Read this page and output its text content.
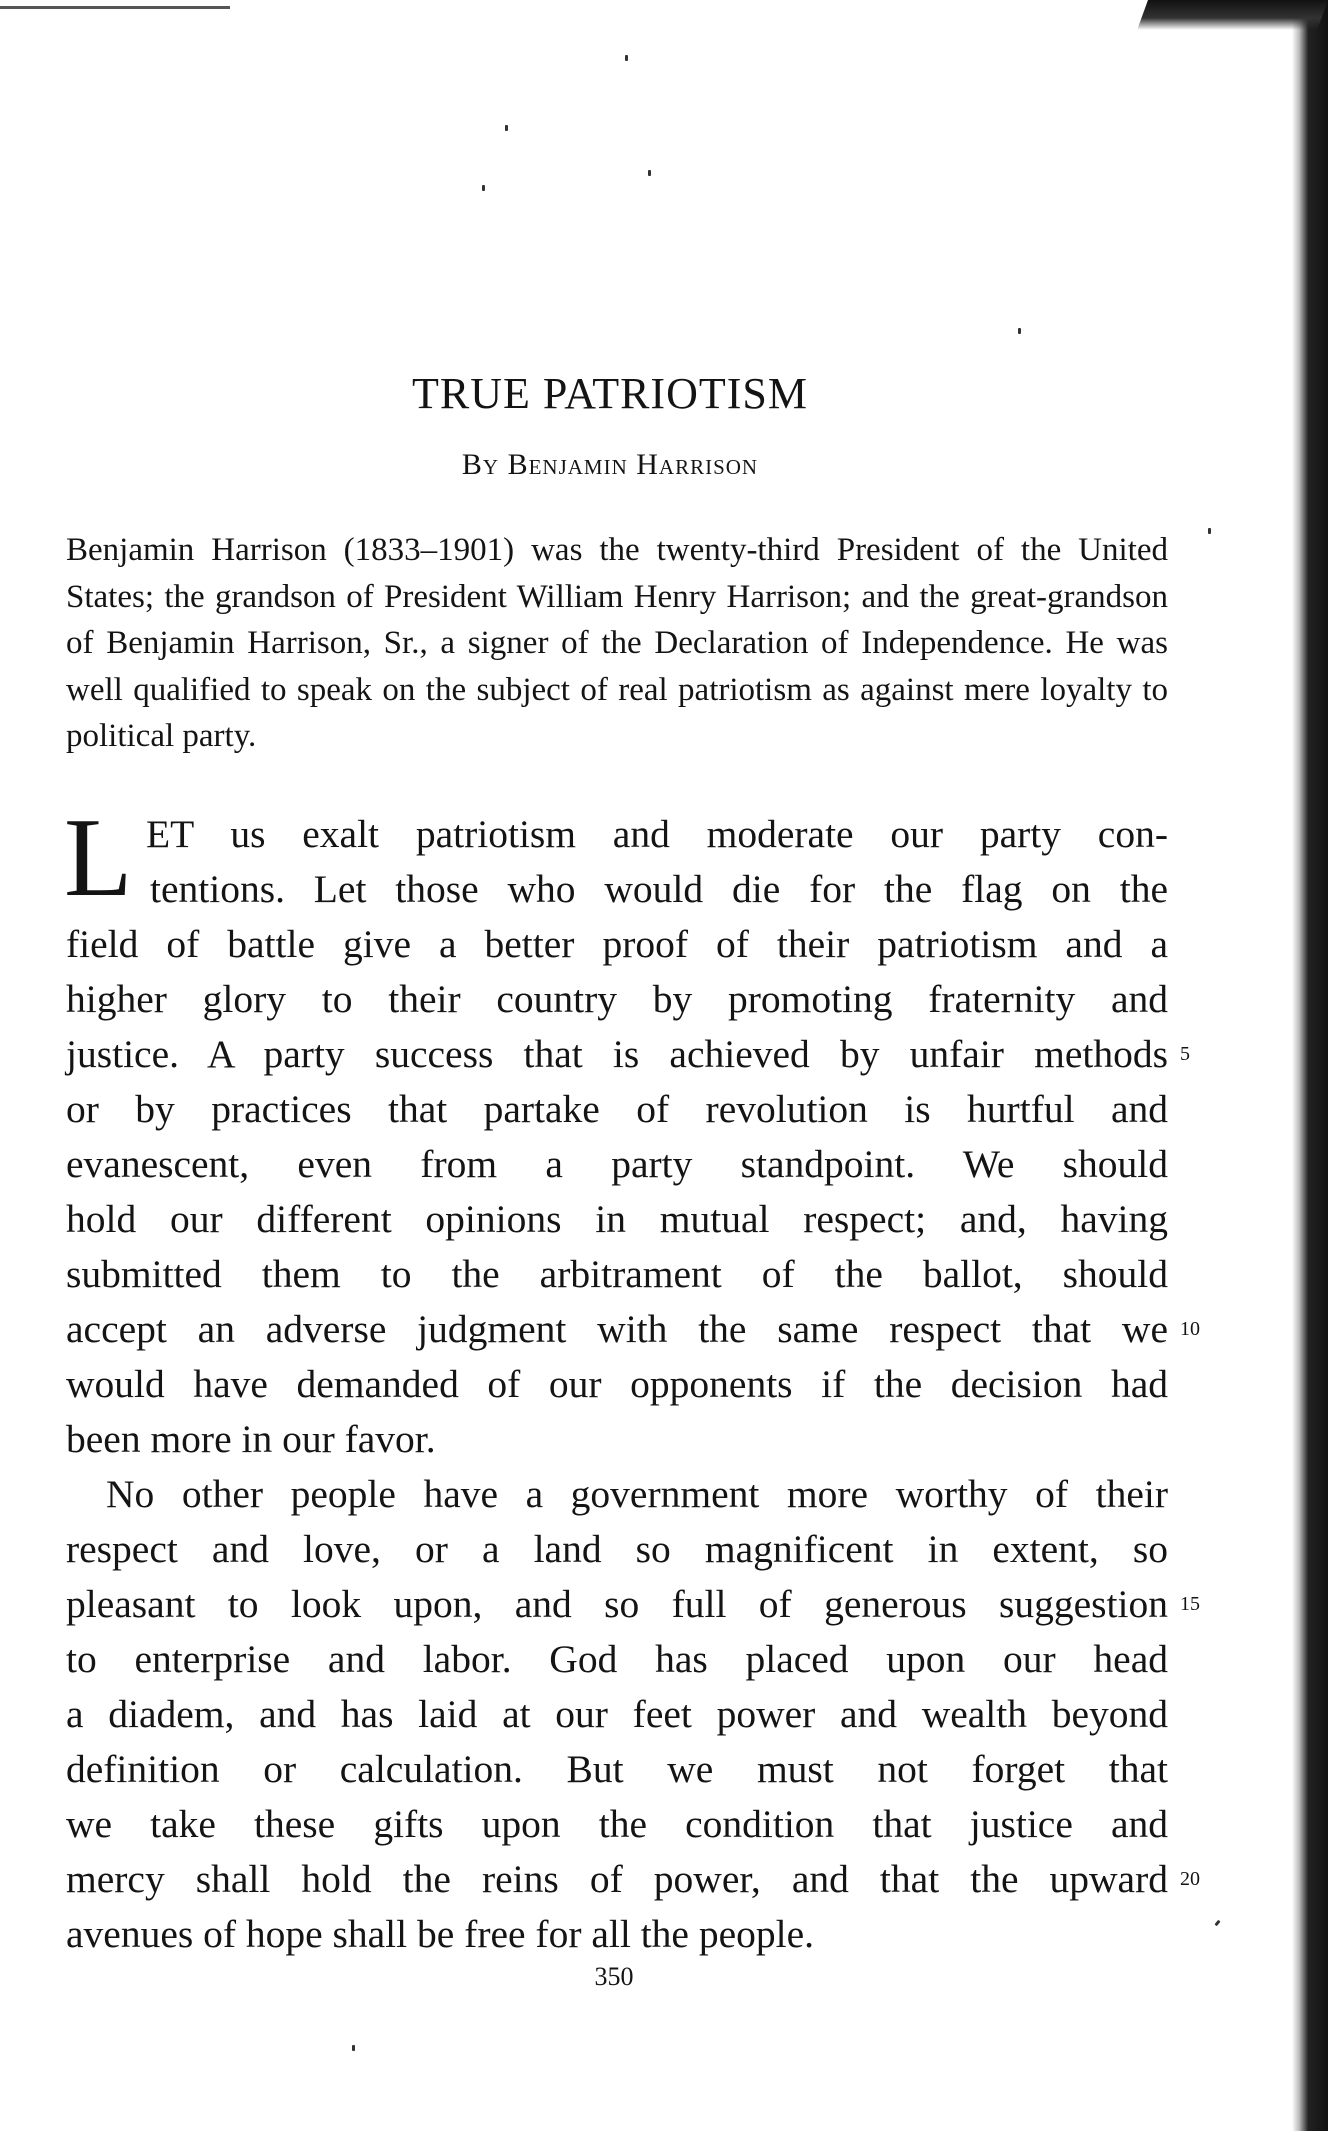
TRUE PATRIOTISM
By Benjamin Harrison

Benjamin Harrison (1833–1901) was the twenty-third President of the United States; the grandson of President William Henry Harrison; and the great-grandson of Benjamin Harrison, Sr., a signer of the Declaration of Independence. He was well qualified to speak on the subject of real patriotism as against mere loyalty to political party.

L ET us exalt patriotism and moderate our party con-
tentions. Let those who would die for the flag on the
field of battle give a better proof of their patriotism and a
higher glory to their country by promoting fraternity and
justice. A party success that is achieved by unfair methods
or by practices that partake of revolution is hurtful and
evanescent, even from a party standpoint. We should
hold our different opinions in mutual respect; and, having
submitted them to the arbitrament of the ballot, should
accept an adverse judgment with the same respect that we
would have demanded of our opponents if the decision had
been more in our favor.
No other people have a government more worthy of their
respect and love, or a land so magnificent in extent, so
pleasant to look upon, and so full of generous suggestion
to enterprise and labor. God has placed upon our head
a diadem, and has laid at our feet power and wealth beyond
definition or calculation. But we must not forget that
we take these gifts upon the condition that justice and
mercy shall hold the reins of power, and that the upward
avenues of hope shall be free for all the people.
5
10
15
20
350
